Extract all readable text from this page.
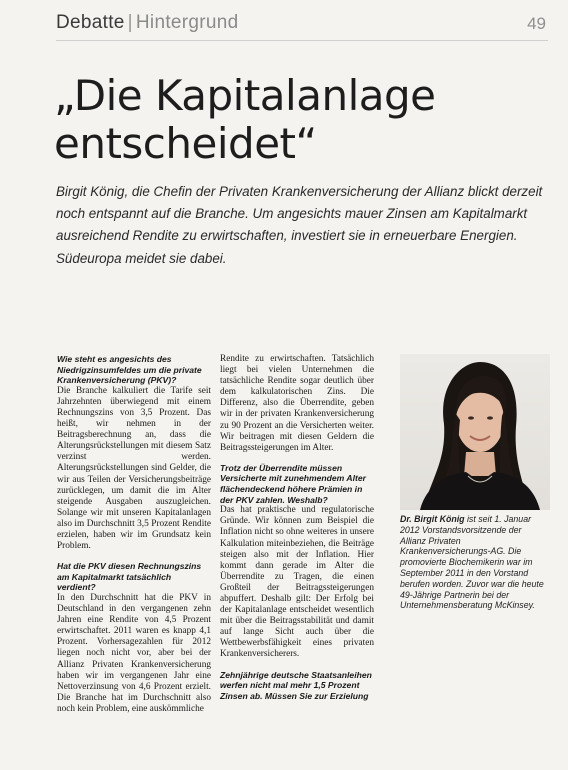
Debatte | Hintergrund	49
„Die Kapitalanlage entscheidet“

Birgit König, die Chefin der Privaten Krankenversicherung der Allianz blickt derzeit noch entspannt auf die Branche. Um angesichts mauer Zinsen am Kapitalmarkt ausreichend Rendite zu erwirtschaften, investiert sie in erneuerbare Energien. Südeuropa meidet sie dabei.

Wie steht es angesichts des Niedrigzinsumfeldes um die private Krankenversicherung (PKV)?

Die Branche kalkuliert die Tarife seit Jahrzehnten überwiegend mit einem Rechnungszins von 3,5 Prozent. Das heißt, wir nehmen in der Beitragsberechnung an, dass die Alterungsrückstellungen mit diesem Satz verzinst werden. Alterungsrückstellungen sind Gelder, die wir aus Teilen der Versicherungsbeiträge zurücklegen, um damit die im Alter steigende Ausgaben auszugleichen. Solange wir mit unseren Kapitalanlagen also im Durchschnitt 3,5 Prozent Rendite erzielen, haben wir im Grundsatz kein Problem.

Hat die PKV diesen Rechnungszins am Kapitalmarkt tatsächlich verdient?

In den Durchschnitt hat die PKV in Deutschland in den vergangenen zehn Jahren eine Rendite von 4,5 Prozent erwirtschaftet. 2011 waren es knapp 4,1 Prozent. Vorhersagezahlen für 2012 liegen noch nicht vor, aber bei der Allianz Privaten Krankenversicherung haben wir im vergangenen Jahr eine Nettoverzinsung von 4,6 Prozent erzielt. Die Branche hat im Durchschnitt also noch kein Problem, eine auskömmliche

Rendite zu erwirtschaften. Tatsächlich liegt bei vielen Unternehmen die tatsächliche Rendite sogar deutlich über dem kalkulatorischen Zins. Die Differenz, also die Überrendite, geben wir in der privaten Krankenversicherung zu 90 Prozent an die Versicherten weiter. Wir beitragen mit diesen Geldern die Beitragssteigerungen im Alter.

Trotz der Überrendite müssen Versicherte mit zunehmendem Alter flächendeckend höhere Prämien in der PKV zahlen. Weshalb?

Das hat praktische und regulatorische Gründe. Wir können zum Beispiel die Inflation nicht so ohne weiteres in unsere Kalkulation miteinbeziehen, die Beiträge steigen also mit der Inflation. Hier kommt dann gerade im Alter die Überrendite zu Tragen, die einen Großteil der Beitragssteigerungen abpuffert. Deshalb gilt: Der Erfolg bei der Kapitalanlage entscheidet wesentlich mit über die Beitragsstabilität und damit auf lange Sicht auch über die Wettbewerbsfähigkeit eines privaten Krankenversicherers.

Zehnjährige deutsche Staatsanleihen werfen nicht mal mehr 1,5 Prozent Zinsen ab. Müssen Sie zur Erzielung

Dr. Birgit König ist seit 1. Januar 2012 Vorstandsvorsitzende der Allianz Privaten Krankenversicherungs-AG. Die promovierte Biochemikerin war im September 2011 in den Vorstand berufen worden. Zuvor war die heute 49-Jährige Partnerin bei der Unternehmensberatung McKinsey.
